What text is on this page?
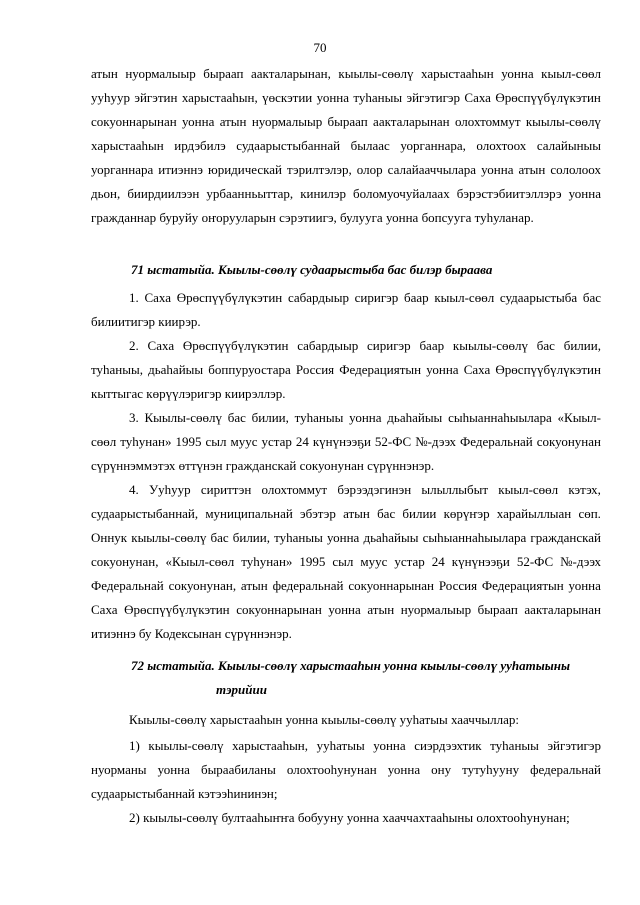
70
атын нуормалыыр быраап аакталарынан, кыылы-сөөлү харыстааһын уонна кыыл-сөөл
ууһуур эйгэтин харыстааһын, үөскэтии уонна туһаныы эйгэтигэр Саха Өрөспүүбүлүкэтин
сокуоннарынан уонна атын нуормалыыр быраап аакталарынан олохтоммут кыылы-сөөлү
харыстааһын ирдэбилэ судаарыстыбаннай былаас уорганнара, олохтоох салайыныы
уорганнара итиэннэ юридическай тэрилтэлэр, олор салайааччылара уонна атын сололоох
дьон, биирдиилээн урбаанньыттар, кинилэр боломуочуйалаах бэрэстэбиитэллэрэ уонна
гражданнар буруйу оҥорууларын сэрэтиигэ, булууга уонна бопсууга туһуланар.
71 ыстатыйа. Кыылы-сөөлү судаарыстыба бас билэр быраава
1. Саха Өрөспүүбүлүкэтин сабардыыр сиригэр баар кыыл-сөөл судаарыстыба бас
билиитигэр киирэр.
2. Саха Өрөспүүбүлүкэтин сабардыыр сиригэр баар кыылы-сөөлү бас билии,
туһаныы, дьаһайыы боппуруостара Россия Федерациятын уонна Саха Өрөспүүбүлүкэтин
кыттыгас көрүүлэригэр киирэллэр.
3. Кыылы-сөөлү бас билии, туһаныы уонна дьаһайыы сыһыаннаһыылара «Кыыл-
сөөл туһунан» 1995 сыл муус устар 24 күнүнээҕи 52-ФС №-дээх Федеральнай сокуонунан
сүрүннэммэтэх өттүнэн гражданскай сокуонунан сүрүннэнэр.
4. Ууһуур сириттэн олохтоммут бэрээдэгинэн ылыллыбыт кыыл-сөөл кэтэх,
судаарыстыбаннай, муниципальнай эбэтэр атын бас билии көрүҥэр харайыллыан сөп.
Оннук кыылы-сөөлү бас билии, туһаныы уонна дьаһайыы сыһыаннаһыылара гражданскай
сокуонунан, «Кыыл-сөөл туһунан» 1995 сыл муус устар 24 күнүнээҕи 52-ФС №-дээх
Федеральнай сокуонунан, атын федеральнай сокуоннарынан Россия Федерациятын уонна
Саха Өрөспүүбүлүкэтин сокуоннарынан уонна атын нуормалыыр быраап аакталарынан
итиэннэ бу Кодексынан сүрүннэнэр.
72 ыстатыйа. Кыылы-сөөлү харыстааһын уонна кыылы-сөөлү ууһатыыны
тэрийии
Кыылы-сөөлү харыстааһын уонна кыылы-сөөлү ууһатыы хааччыллар:
1) кыылы-сөөлү харыстааһын, ууһатыы уонна сиэрдээхтик туһаныы эйгэтигэр
нуорманы уонна быраабиланы олохтооһунунан уонна ону тутуһууну федеральнай
судаарыстыбаннай кэтээһининэн;
2) кыылы-сөөлү бултааһыҥҥа бобууну уонна хааччахтааһыны олохтооһунунан;
